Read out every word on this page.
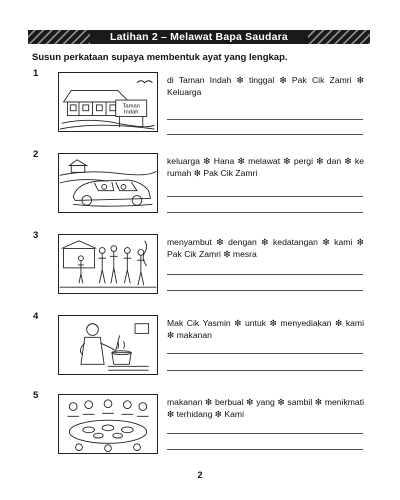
Latihan 2 – Melawat Bapa Saudara
Susun perkataan supaya membentuk ayat yang lengkap.
1
Taman
Indah
di Taman Indah ❇ tinggal ❇ Pak Cik Zamri ❇ Keluarga
2
keluarga ❇ Hana ❇ melawat ❇ pergi ❇ dan ❇ ke rumah ❇ Pak Cik Zamri
3
menyambut ❇ dengan ❇ kedatangan ❇ kami ❇ Pak Cik Zamri ❇ mesra
4
Mak Cik Yasmin ❇ untuk ❇ menyediakan ❇ kami ❇ makanan
5
makanan ❇ berbual ❇ yang ❇ sambil ❇ menikmati ❇ terhidang ❇ Kami
2
